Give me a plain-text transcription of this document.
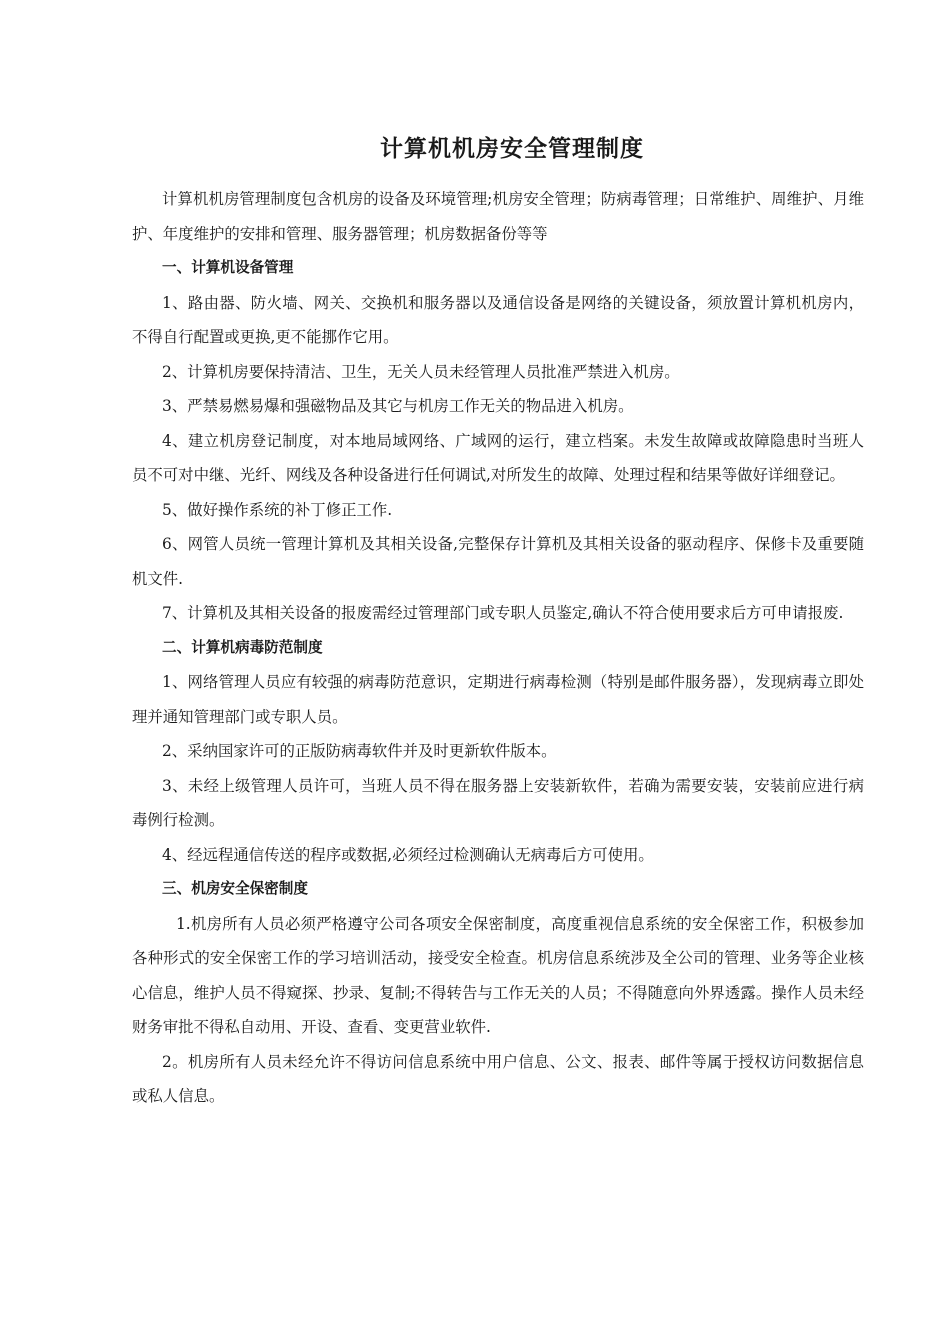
计算机机房安全管理制度

计算机机房管理制度包含机房的设备及环境管理;机房安全管理；防病毒管理；日常维护、周维护、月维护、年度维护的安排和管理、服务器管理；机房数据备份等等

一、计算机设备管理

1、路由器、防火墙、网关、交换机和服务器以及通信设备是网络的关键设备，须放置计算机机房内，不得自行配置或更换,更不能挪作它用。

2、计算机房要保持清洁、卫生，无关人员未经管理人员批准严禁进入机房。

3、严禁易燃易爆和强磁物品及其它与机房工作无关的物品进入机房。

4、建立机房登记制度，对本地局域网络、广域网的运行，建立档案。未发生故障或故障隐患时当班人员不可对中继、光纤、网线及各种设备进行任何调试,对所发生的故障、处理过程和结果等做好详细登记。

5、做好操作系统的补丁修正工作.

6、网管人员统一管理计算机及其相关设备,完整保存计算机及其相关设备的驱动程序、保修卡及重要随机文件.

7、计算机及其相关设备的报废需经过管理部门或专职人员鉴定,确认不符合使用要求后方可申请报废.

二、计算机病毒防范制度

1、网络管理人员应有较强的病毒防范意识，定期进行病毒检测（特别是邮件服务器），发现病毒立即处理并通知管理部门或专职人员。

2、采纳国家许可的正版防病毒软件并及时更新软件版本。

3、未经上级管理人员许可，当班人员不得在服务器上安装新软件，若确为需要安装，安装前应进行病毒例行检测。

4、经远程通信传送的程序或数据,必须经过检测确认无病毒后方可使用。

三、机房安全保密制度

1.机房所有人员必须严格遵守公司各项安全保密制度，高度重视信息系统的安全保密工作，积极参加各种形式的安全保密工作的学习培训活动，接受安全检查。机房信息系统涉及全公司的管理、业务等企业核心信息，维护人员不得窥探、抄录、复制;不得转告与工作无关的人员；不得随意向外界透露。操作人员未经财务审批不得私自动用、开设、查看、变更营业软件.

2。机房所有人员未经允许不得访问信息系统中用户信息、公文、报表、邮件等属于授权访问数据信息或私人信息。
